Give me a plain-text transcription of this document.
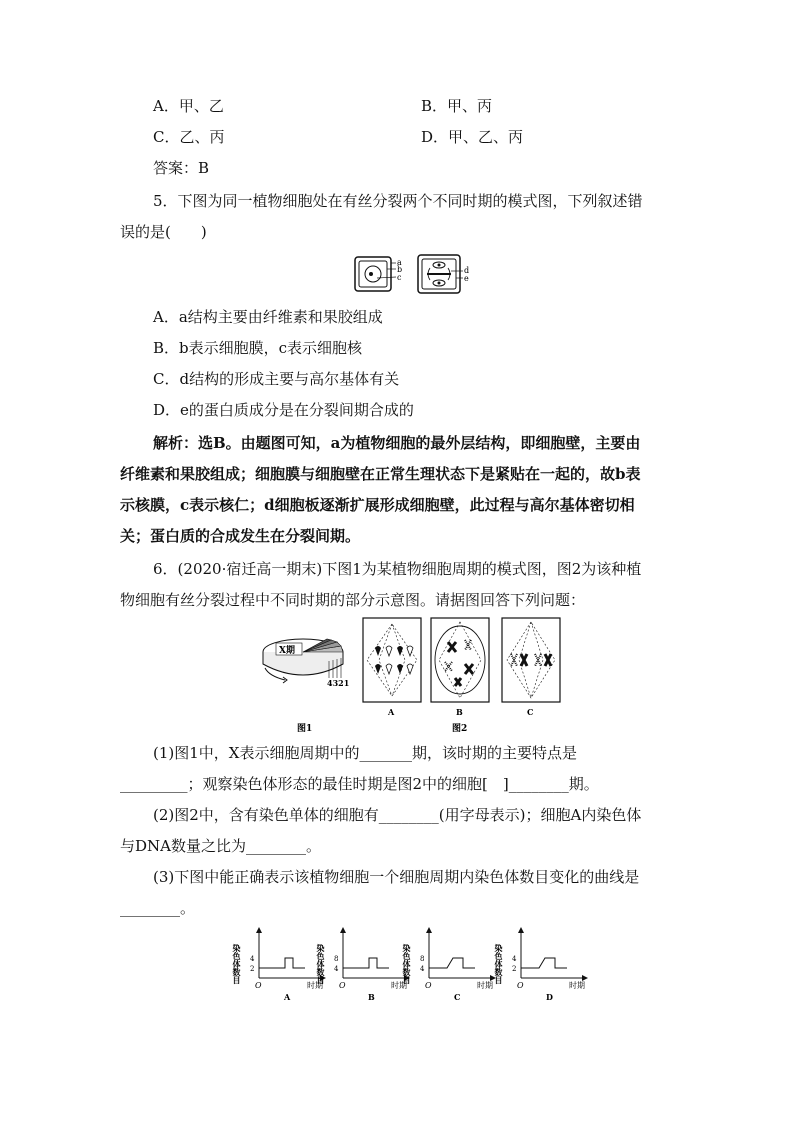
A．甲、乙	B．甲、丙
C．乙、丙	D．甲、乙、丙
答案：B
5．下图为同一植物细胞处在有丝分裂两个不同时期的模式图，下列叙述错
误的是(　　)
a
b
c
d
e
A．a结构主要由纤维素和果胶组成
B．b表示细胞膜，c表示细胞核
C．d结构的形成主要与高尔基体有关
D．e的蛋白质成分是在分裂间期合成的
解析：选B。由题图可知，a为植物细胞的最外层结构，即细胞壁，主要由
纤维素和果胶组成；细胞膜与细胞壁在正常生理状态下是紧贴在一起的，故b表
示核膜，c表示核仁；d细胞板逐渐扩展形成细胞壁，此过程与高尔基体密切相
关；蛋白质的合成发生在分裂间期。
6．(2020·宿迁高一期末)下图1为某植物细胞周期的模式图，图2为该种植
物细胞有丝分裂过程中不同时期的部分示意图。请据图回答下列问题：
X期
4321
图1
A	B	C
图2
(1)图1中，X表示细胞周期中的_______期，该时期的主要特点是
_________；观察染色体形态的最佳时期是图2中的细胞[　]________期。
(2)图2中，含有染色单体的细胞有________(用字母表示)；细胞A内染色体
与DNA数量之比为________。
(3)下图中能正确表示该植物细胞一个细胞周期内染色体数目变化的曲线是
________。
染色体数目 4
2
O	时期
A
染色体数目 8
4
O	时期
B
染色体数目 8
4
O	时期
C
染色体数目 4
2
O	时期
D
